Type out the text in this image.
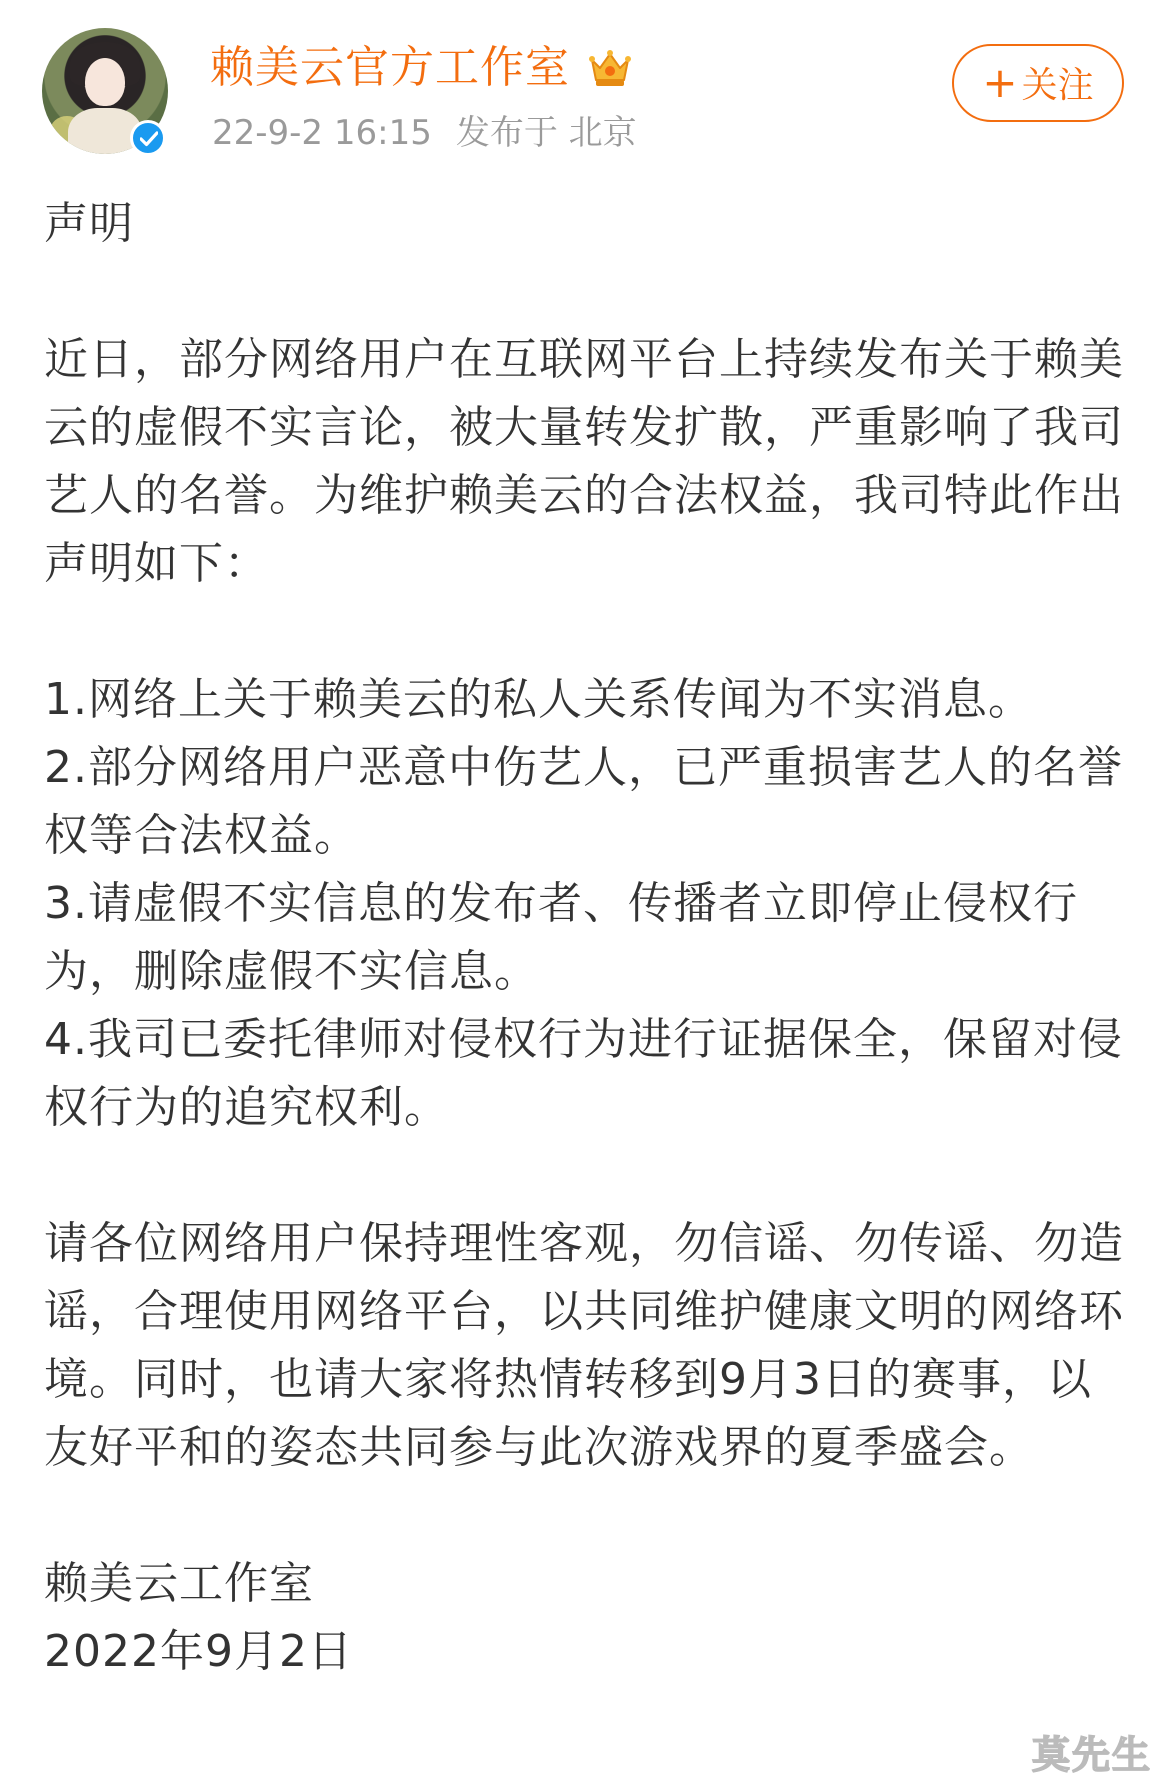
赖美云官方工作室
22-9-2 16:15 发布于 北京
+ 关注

声明

近日，部分网络用户在互联网平台上持续发布关于赖美云的虚假不实言论，被大量转发扩散，严重影响了我司艺人的名誉。为维护赖美云的合法权益，我司特此作出声明如下：

1.网络上关于赖美云的私人关系传闻为不实消息。

2.部分网络用户恶意中伤艺人，已严重损害艺人的名誉权等合法权益。

3.请虚假不实信息的发布者、传播者立即停止侵权行为，删除虚假不实信息。

4.我司已委托律师对侵权行为进行证据保全，保留对侵权行为的追究权利。

请各位网络用户保持理性客观，勿信谣、勿传谣、勿造谣，合理使用网络平台，以共同维护健康文明的网络环境。同时，也请大家将热情转移到9月3日的赛事，以友好平和的姿态共同参与此次游戏界的夏季盛会。

赖美云工作室

2022年9月2日

莫先生
